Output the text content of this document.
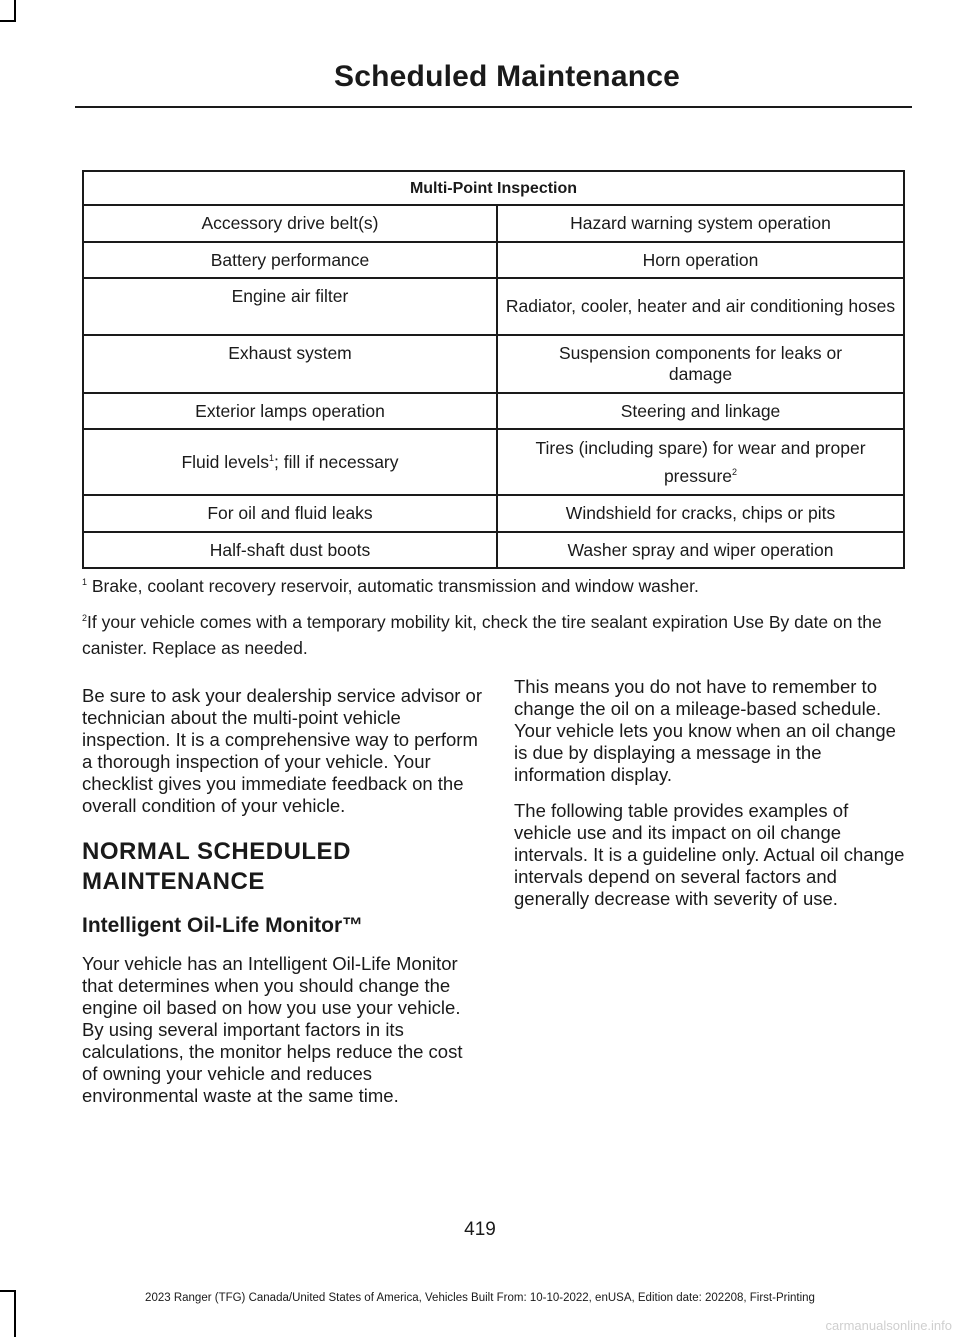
Scheduled Maintenance
Multi-Point Inspection	
Accessory drive belt(s)	Hazard warning system operation
Battery performance	Horn operation
Engine air filter	Radiator, cooler, heater and air conditioning hoses
Exhaust system	Suspension components for leaks or damage
Exterior lamps operation	Steering and linkage
Fluid levels$^1$; fill if necessary	Tires (including spare) for wear and proper pressure$^2$
For oil and fluid leaks	Windshield for cracks, chips or pits
Half-shaft dust boots	Washer spray and wiper operation

$^1$ Brake, coolant recovery reservoir, automatic transmission and window washer.

$^2$If your vehicle comes with a temporary mobility kit, check the tire sealant expiration Use By date on the canister. Replace as needed.

Be sure to ask your dealership service advisor or technician about the multi-point vehicle inspection. It is a comprehensive way to perform a thorough inspection of your vehicle. Your checklist gives you immediate feedback on the overall condition of your vehicle.

NORMAL SCHEDULED MAINTENANCE
Intelligent Oil-Life Monitor™

Your vehicle has an Intelligent Oil-Life Monitor that determines when you should change the engine oil based on how you use your vehicle. By using several important factors in its calculations, the monitor helps reduce the cost of owning your vehicle and reduces environmental waste at the same time.

This means you do not have to remember to change the oil on a mileage-based schedule. Your vehicle lets you know when an oil change is due by displaying a message in the information display.

The following table provides examples of vehicle use and its impact on oil change intervals. It is a guideline only. Actual oil change intervals depend on several factors and generally decrease with severity of use.

419
2023 Ranger (TFG) Canada/United States of America, Vehicles Built From: 10-10-2022, enUSA, Edition date: 202208, First-Printing
carmanualsonline.info
